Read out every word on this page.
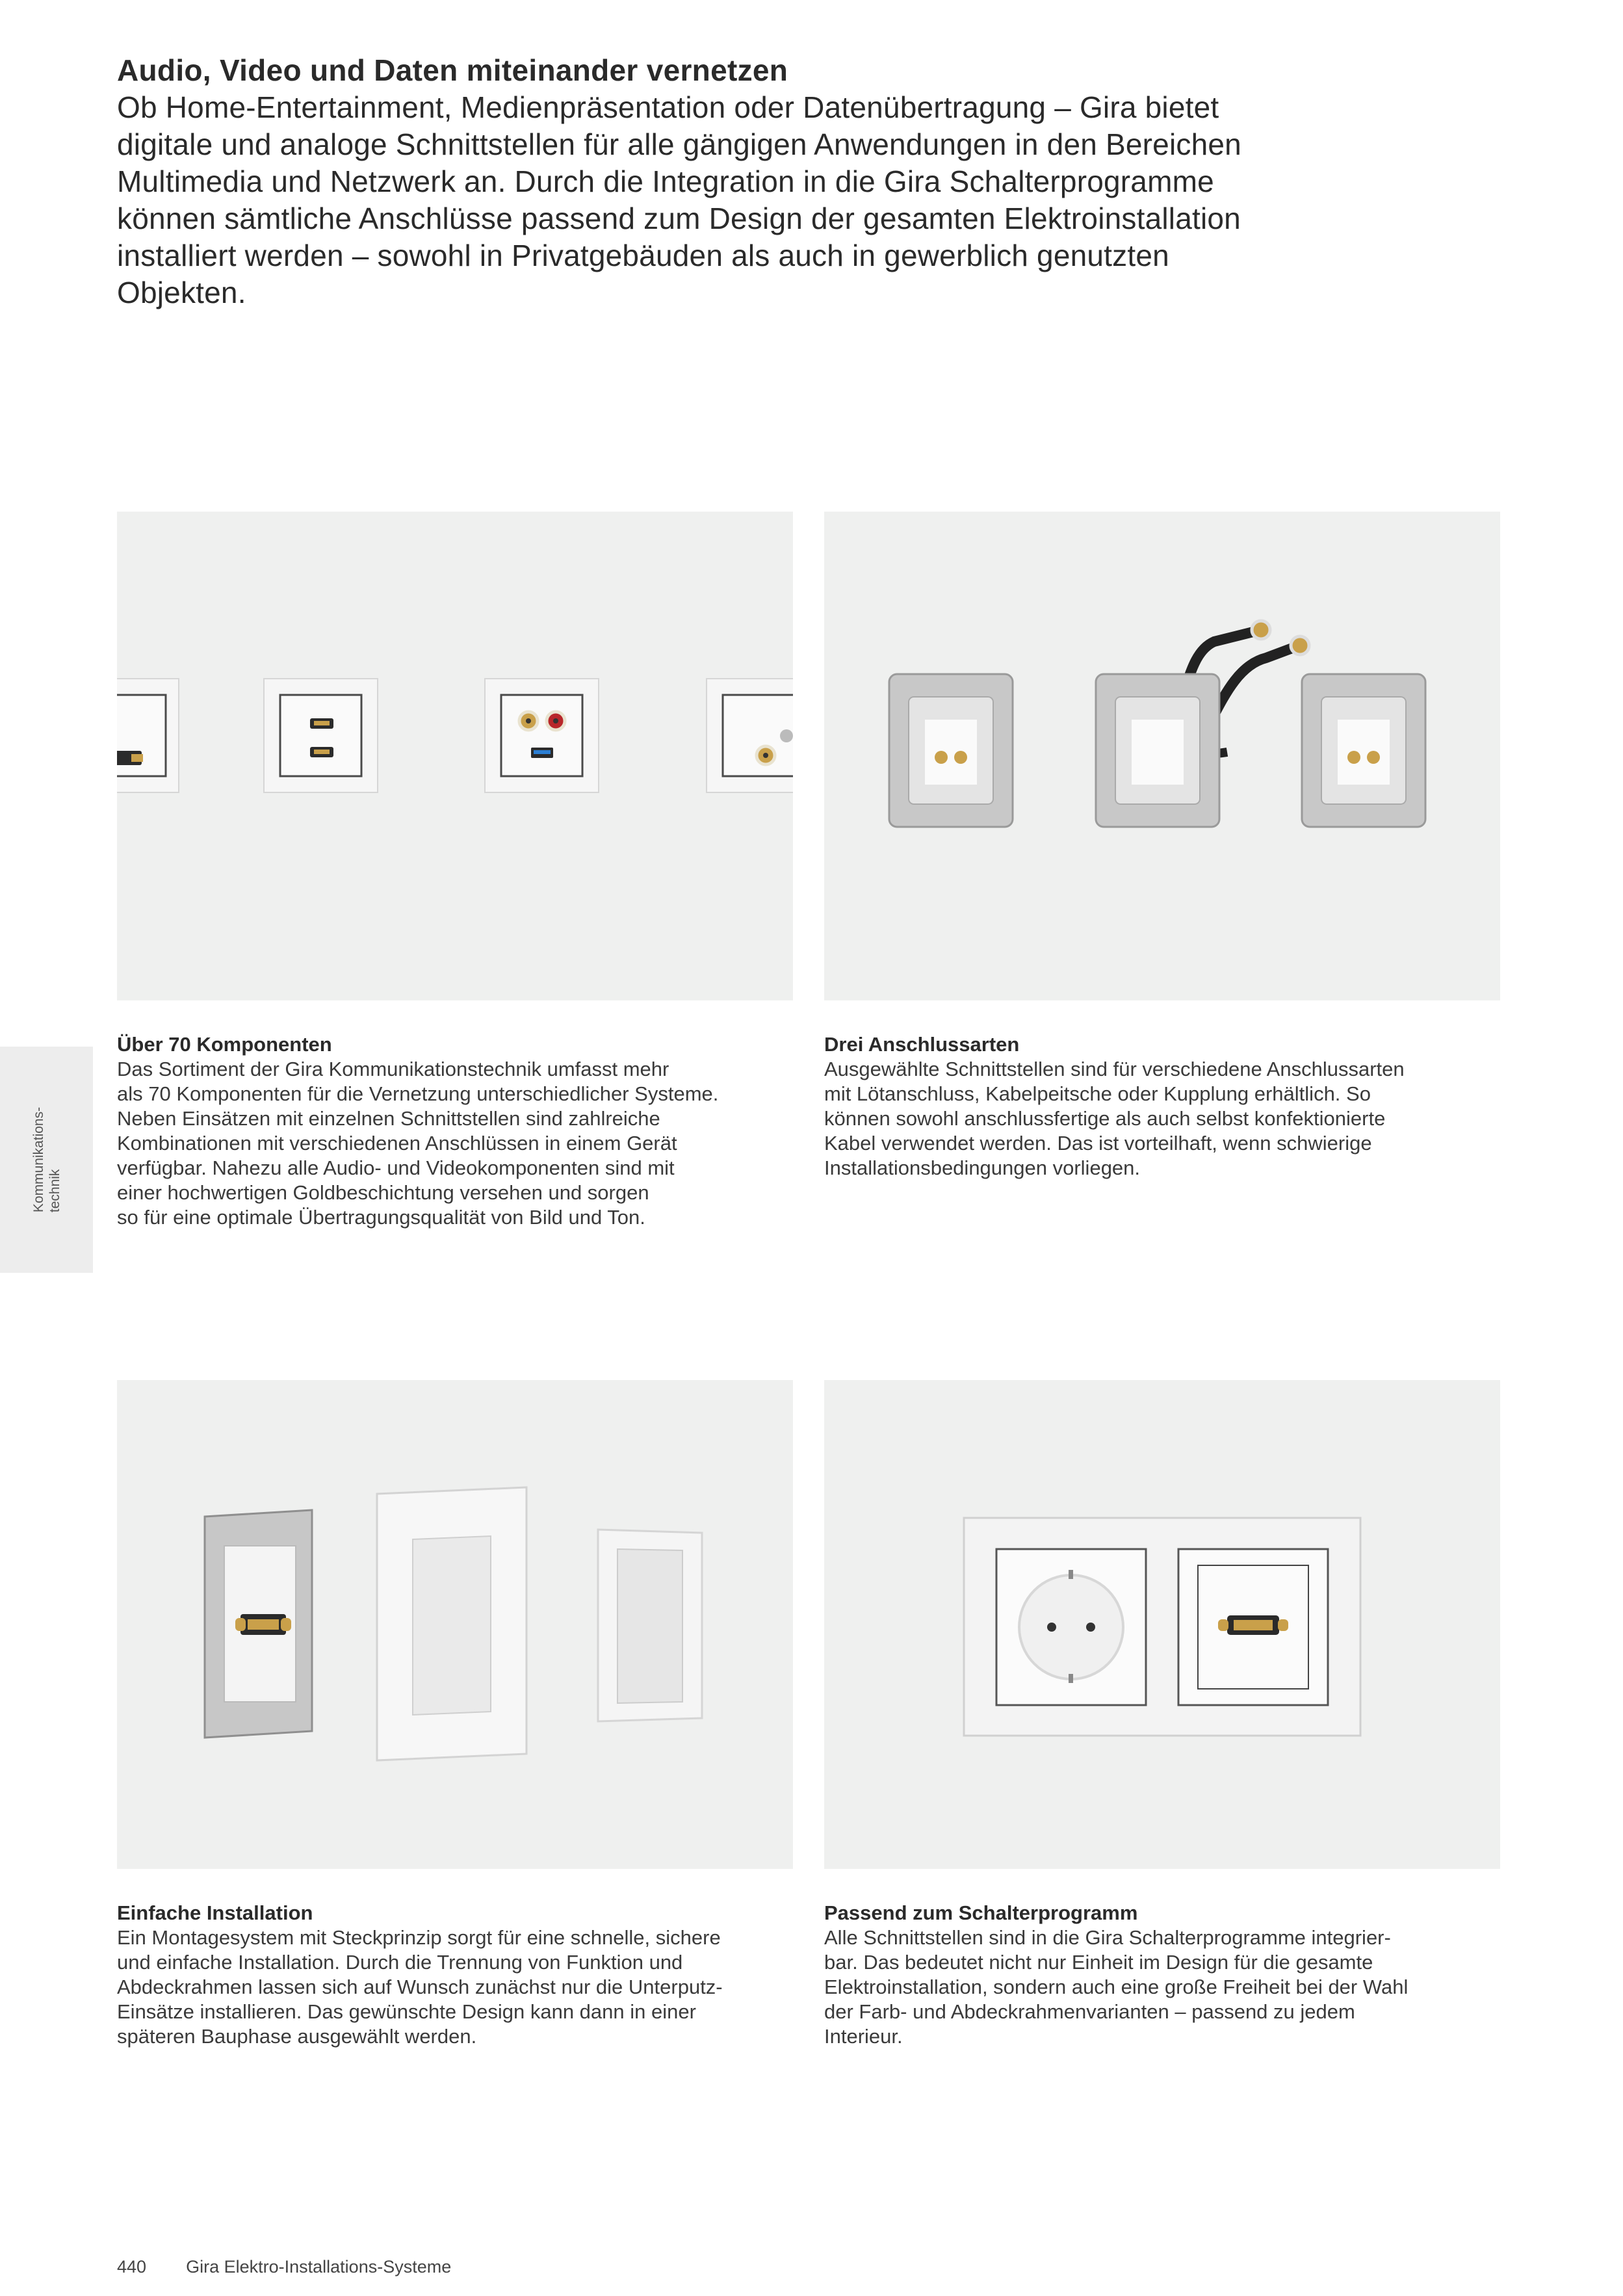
Audio, Video und Daten miteinander vernetzen

Ob Home-Entertainment, Medienpräsentation oder Datenübertragung – Gira bietet

digitale und analoge Schnittstellen für alle gängigen Anwendungen in den Bereichen

Multimedia und Netzwerk an. Durch die Integration in die Gira Schalterprogramme

können sämtliche Anschlüsse passend zum Design der gesamten Elektroinstallation

installiert werden – sowohl in Privatgebäuden als auch in gewerblich genutzten

Objekten.

Über 70 Komponenten

Das Sortiment der Gira Kommunikationstechnik umfasst mehr

als 70 Komponenten für die Vernetzung unterschiedlicher Systeme.

Neben Einsätzen mit einzelnen Schnittstellen sind zahlreiche

Kombinationen mit verschiedenen Anschlüssen in einem Gerät

verfügbar. Nahezu alle Audio- und Videokomponenten sind mit

einer hochwertigen Goldbeschichtung versehen und sorgen

so für eine optimale Übertragungsqualität von Bild und Ton.

Drei Anschlussarten

Ausgewählte Schnittstellen sind für verschiedene Anschlussarten

mit Lötanschluss, Kabelpeitsche oder Kupplung erhältlich. So

können sowohl anschlussfertige als auch selbst konfektionierte

Kabel verwendet werden. Das ist vorteilhaft, wenn schwierige

Installationsbedingungen vorliegen.

Kommunikations- technik
Einfache Installation

Ein Montagesystem mit Steckprinzip sorgt für eine schnelle, sichere

und einfache Installation. Durch die Trennung von Funktion und

Abdeckrahmen lassen sich auf Wunsch zunächst nur die Unterputz-

Einsätze installieren. Das gewünschte Design kann dann in einer

späteren Bauphase ausgewählt werden.

Passend zum Schalterprogramm

Alle Schnittstellen sind in die Gira Schalterprogramme integrier-

bar. Das bedeutet nicht nur Einheit im Design für die gesamte

Elektroinstallation, sondern auch eine große Freiheit bei der Wahl

der Farb- und Abdeckrahmenvarianten – passend zu jedem

Interieur.

440 Gira Elektro-Installations-Systeme
